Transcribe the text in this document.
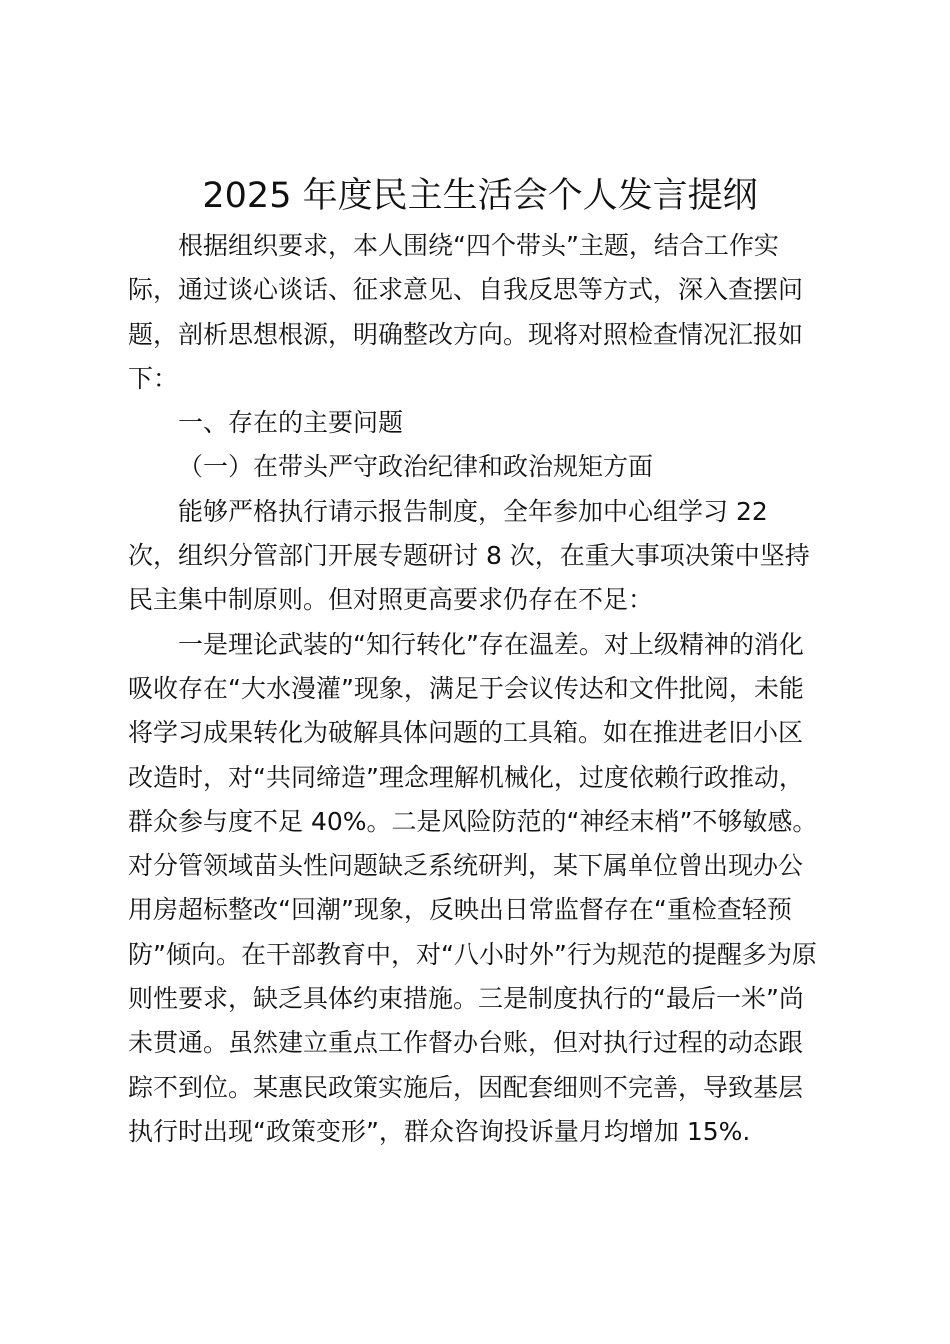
2025 年度民主生活会个人发言提纲
根据组织要求，本人围绕“四个带头”主题，结合工作实
际，通过谈心谈话、征求意见、自我反思等方式，深入查摆问
题，剖析思想根源，明确整改方向。现将对照检查情况汇报如
下：
一、存在的主要问题
（一）在带头严守政治纪律和政治规矩方面
能够严格执行请示报告制度，全年参加中心组学习 22
次，组织分管部门开展专题研讨 8 次，在重大事项决策中坚持
民主集中制原则。但对照更高要求仍存在不足：
一是理论武装的“知行转化”存在温差。对上级精神的消化
吸收存在“大水漫灌”现象，满足于会议传达和文件批阅，未能
将学习成果转化为破解具体问题的工具箱。如在推进老旧小区
改造时，对“共同缔造”理念理解机械化，过度依赖行政推动，
群众参与度不足 40%。二是风险防范的“神经末梢”不够敏感。
对分管领域苗头性问题缺乏系统研判，某下属单位曾出现办公
用房超标整改“回潮”现象，反映出日常监督存在“重检查轻预
防”倾向。在干部教育中，对“八小时外”行为规范的提醒多为原
则性要求，缺乏具体约束措施。三是制度执行的“最后一米”尚
未贯通。虽然建立重点工作督办台账，但对执行过程的动态跟
踪不到位。某惠民政策实施后，因配套细则不完善，导致基层
执行时出现“政策变形”，群众咨询投诉量月均增加 15%.
